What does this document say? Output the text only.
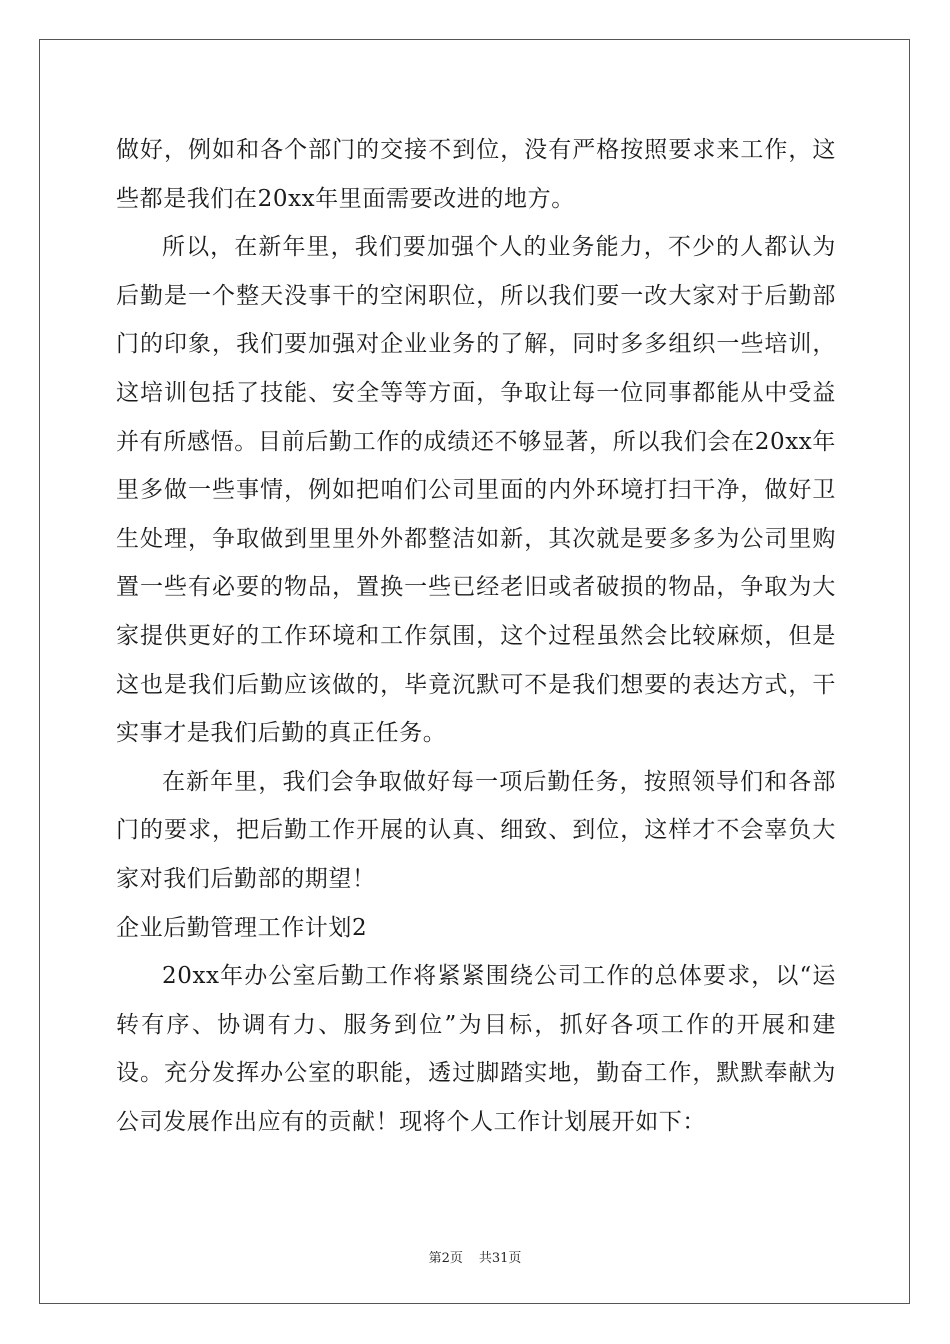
做好，例如和各个部门的交接不到位，没有严格按照要求来工作，这些都是我们在20xx年里面需要改进的地方。

所以，在新年里，我们要加强个人的业务能力，不少的人都认为后勤是一个整天没事干的空闲职位，所以我们要一改大家对于后勤部门的印象，我们要加强对企业业务的了解，同时多多组织一些培训，这培训包括了技能、安全等等方面，争取让每一位同事都能从中受益并有所感悟。目前后勤工作的成绩还不够显著，所以我们会在20xx年里多做一些事情，例如把咱们公司里面的内外环境打扫干净，做好卫生处理，争取做到里里外外都整洁如新，其次就是要多多为公司里购置一些有必要的物品，置换一些已经老旧或者破损的物品，争取为大家提供更好的工作环境和工作氛围，这个过程虽然会比较麻烦，但是这也是我们后勤应该做的，毕竟沉默可不是我们想要的表达方式，干实事才是我们后勤的真正任务。

在新年里，我们会争取做好每一项后勤任务，按照领导们和各部门的要求，把后勤工作开展的认真、细致、到位，这样才不会辜负大家对我们后勤部的期望！

企业后勤管理工作计划2

20xx年办公室后勤工作将紧紧围绕公司工作的总体要求，以“运转有序、协调有力、服务到位”为目标，抓好各项工作的开展和建设。充分发挥办公室的职能，透过脚踏实地，勤奋工作，默默奉献为公司发展作出应有的贡献！现将个人工作计划展开如下：

第2页 共31页
